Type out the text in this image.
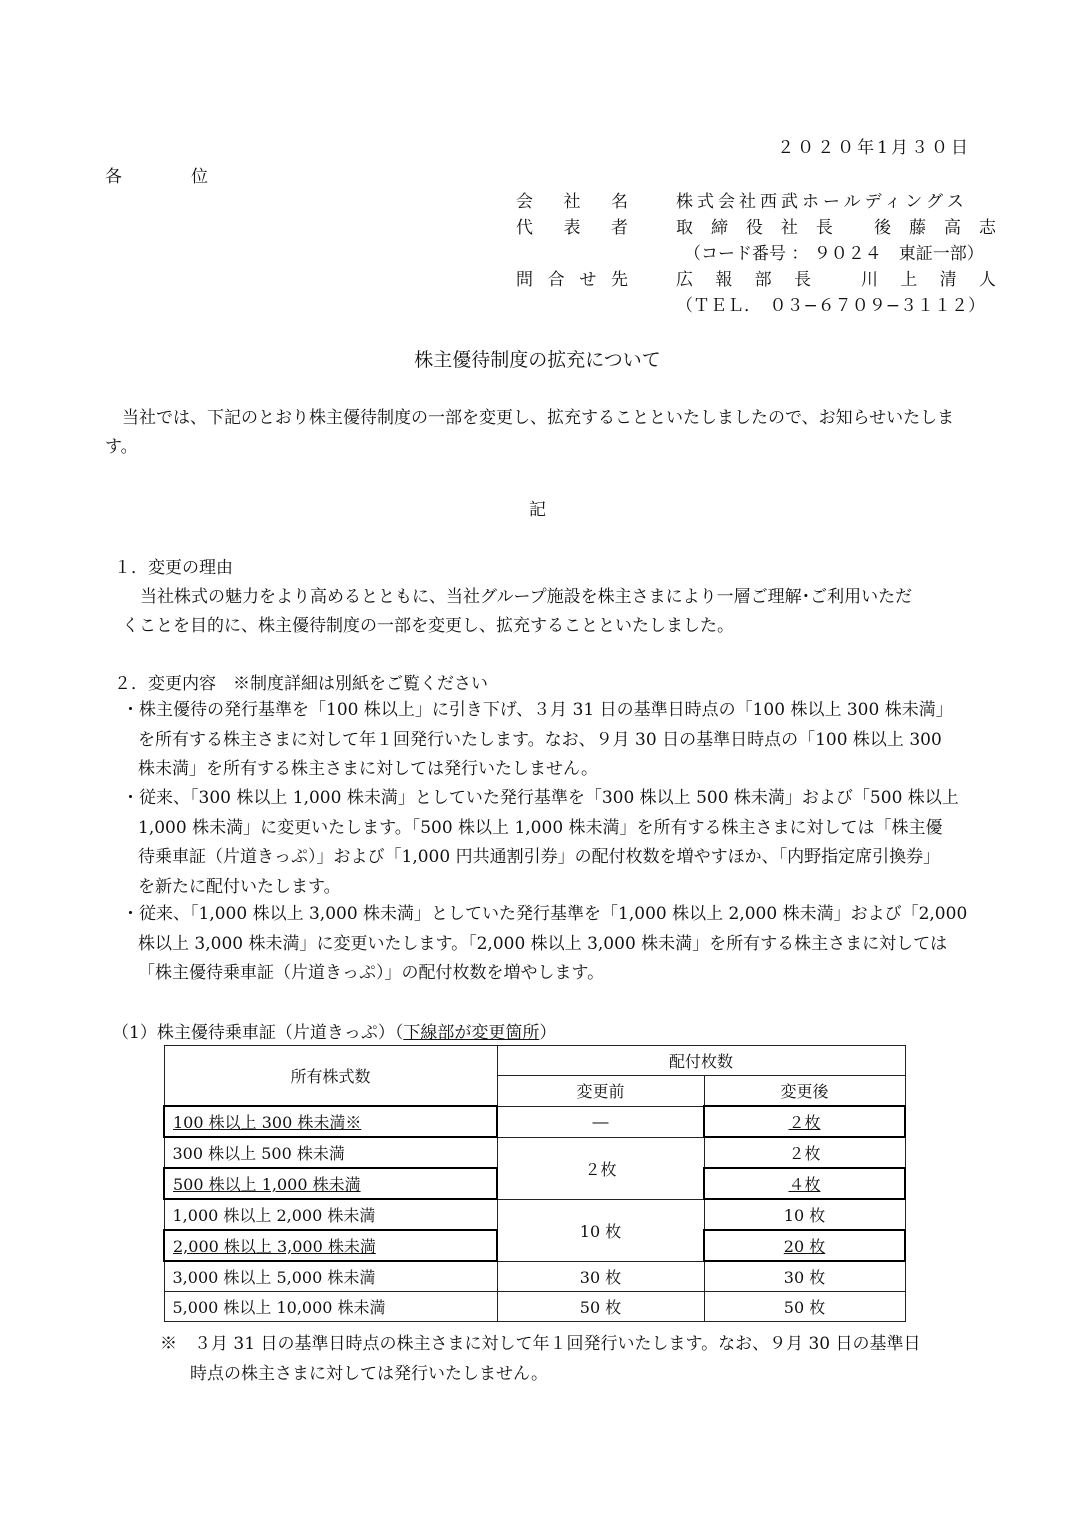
２０２０年1月３０日
各　位
会 社 名	株式会社西武ホールディングス
代 表 者	取 締 役 社 長
後 藤 高 志
（コード番号 ： ９０２４　東証一部）
問 合 せ 先	広 報 部 長
	川 上 清 人
（ＴＥＬ．　０３−６７０９−３１１２）
株主優待制度の拡充について
当社では、下記のとおり株主優待制度の一部を変更し、拡充することといたしましたので、お知らせいたします。
記
１．変更の理由
当社株式の魅力をより高めるとともに、当社グループ施設を株主さまにより一層ご理解･ご利用いただ
くことを目的に、株主優待制度の一部を変更し、拡充することといたしました。
２．変更内容　※制度詳細は別紙をご覧ください
・株主優待の発行基準を「100 株以上」に引き下げ、３月 31 日の基準日時点の「100 株以上 300 株未満」
を所有する株主さまに対して年１回発行いたします。なお、９月 30 日の基準日時点の「100 株以上 300
株未満」を所有する株主さまに対しては発行いたしません。
・従来、「300 株以上 1,000 株未満」としていた発行基準を「300 株以上 500 株未満」および「500 株以上
1,000 株未満」に変更いたします。「500 株以上 1,000 株未満」を所有する株主さまに対しては「株主優
待乗車証（片道きっぷ）」および「1,000 円共通割引券」の配付枚数を増やすほか、「内野指定席引換券」
を新たに配付いたします。
・従来、「1,000 株以上 3,000 株未満」としていた発行基準を「1,000 株以上 2,000 株未満」および「2,000
株以上 3,000 株未満」に変更いたします。「2,000 株以上 3,000 株未満」を所有する株主さまに対しては
「株主優待乗車証（片道きっぷ）」の配付枚数を増やします。
（1）株主優待乗車証（片道きっぷ）（下線部が変更箇所）
所有株式数	配付枚数	
	変更前	変更後
100 株以上 300 株未満※	―	２枚
300 株以上 500 株未満	２枚	２枚
500 株以上 1,000 株未満		４枚
1,000 株以上 2,000 株未満	10 枚	10 枚
2,000 株以上 3,000 株未満		20 枚
3,000 株以上 5,000 株未満	30 枚	30 枚
5,000 株以上 10,000 株未満	50 枚	50 枚
※　３月 31 日の基準日時点の株主さまに対して年１回発行いたします。なお、９月 30 日の基準日
時点の株主さまに対しては発行いたしません。
